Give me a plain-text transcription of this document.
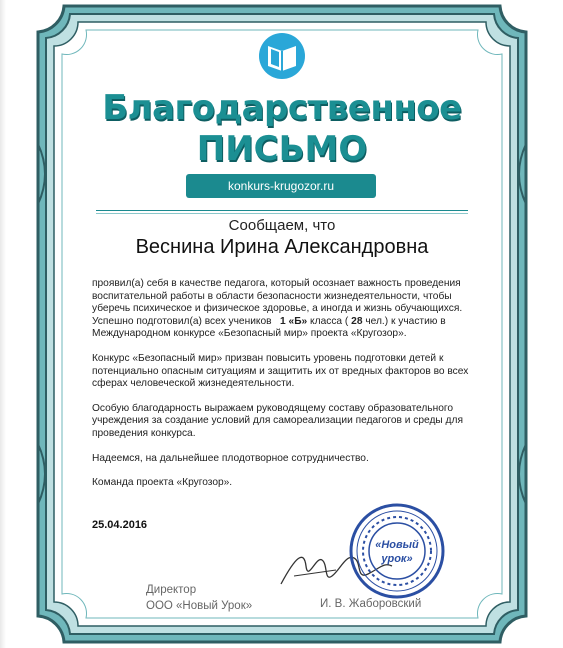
Благодарственное
ПИСЬМО
konkurs-krugozor.ru
Сообщаем, что
Веснина Ирина Александровна

проявил(а) себя в качестве педагога, который осознает важность проведения воспитательной работы в области безопасности жизнедеятельности, чтобы уберечь психическое и физическое здоровье, а иногда и жизнь обучающихся. Успешно подготовил(а) всех учеников 1 «Б» класса ( 28 чел.) к участию в Международном конкурсе «Безопасный мир» проекта «Кругозор».

Конкурс «Безопасный мир» призван повысить уровень подготовки детей к потенциально опасным ситуациям и защитить их от вредных факторов во всех сферах человеческой жизнедеятельности.

Особую благодарность выражаем руководящему составу образовательного учреждения за создание условий для самореализации педагогов и среды для проведения конкурса.

Надеемся, на дальнейшее плодотворное сотрудничество.

Команда проекта «Кругозор».

25.04.2016
«Новый
урок»
Директор
ООО «Новый Урок»	И. В. Жаборовский
